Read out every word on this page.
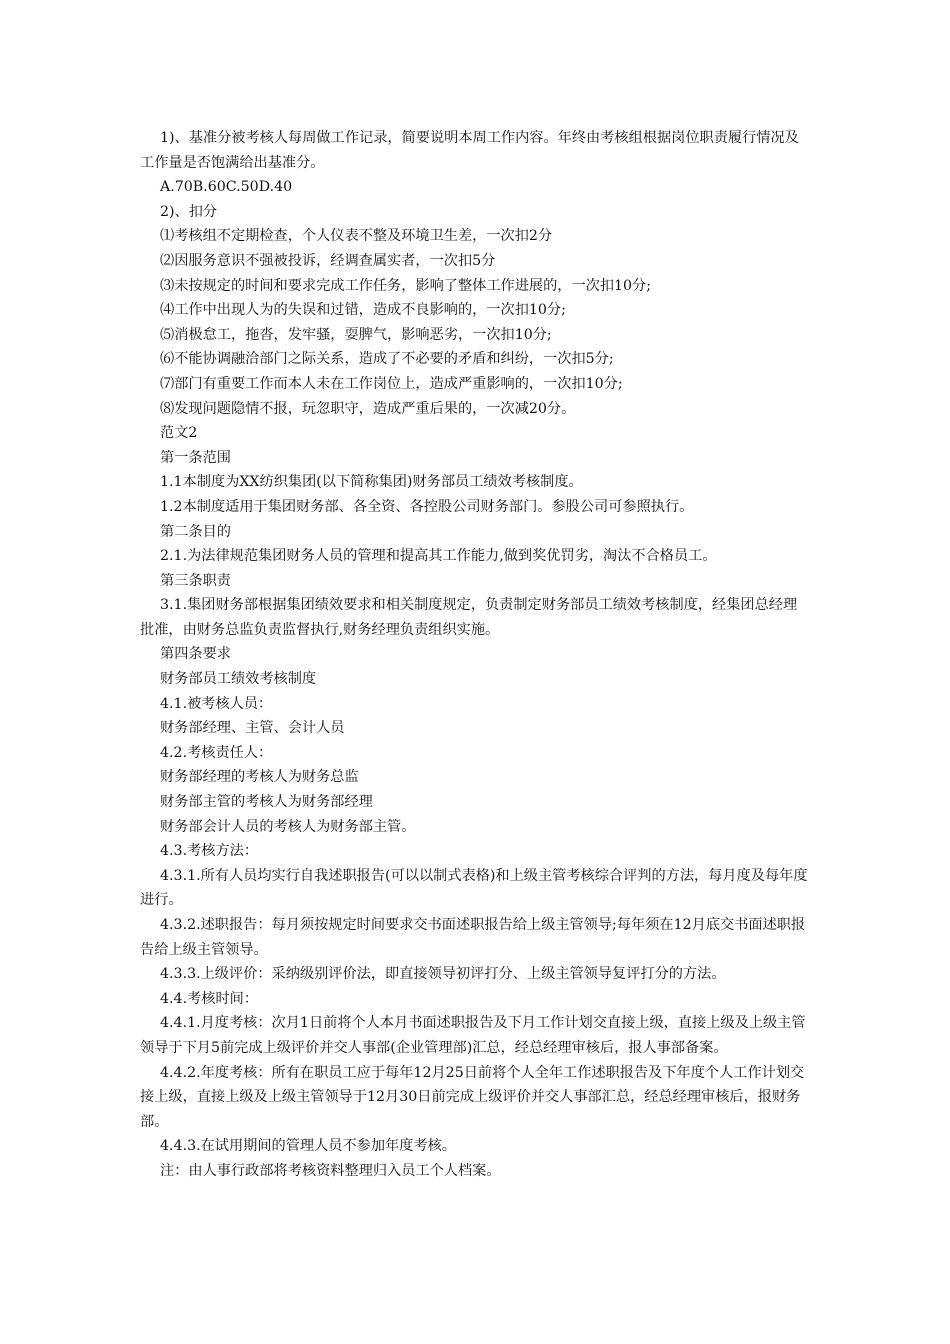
1)、基准分被考核人每周做工作记录，简要说明本周工作内容。年终由考核组根据岗位职责履行情况及工作量是否饱满给出基准分。

A.70B.60C.50D.40

2)、扣分

⑴考核组不定期检查，个人仪表不整及环境卫生差，一次扣2分

⑵因服务意识不强被投诉，经调查属实者，一次扣5分

⑶未按规定的时间和要求完成工作任务，影响了整体工作进展的，一次扣10分;

⑷工作中出现人为的失误和过错，造成不良影响的，一次扣10分;

⑸消极怠工，拖沓，发牢骚，耍脾气，影响恶劣，一次扣10分;

⑹不能协调融洽部门之际关系，造成了不必要的矛盾和纠纷，一次扣5分;

⑺部门有重要工作而本人未在工作岗位上，造成严重影响的，一次扣10分;

⑻发现问题隐情不报，玩忽职守，造成严重后果的，一次减20分。

范文2

第一条范围

1.1本制度为XX纺织集团(以下简称集团)财务部员工绩效考核制度。

1.2本制度适用于集团财务部、各全资、各控股公司财务部门。参股公司可参照执行。

第二条目的

2.1.为法律规范集团财务人员的管理和提高其工作能力,做到奖优罚劣，淘汰不合格员工。

第三条职责

3.1.集团财务部根据集团绩效要求和相关制度规定，负责制定财务部员工绩效考核制度，经集团总经理批准，由财务总监负责监督执行,财务经理负责组织实施。

第四条要求

财务部员工绩效考核制度

4.1.被考核人员：

财务部经理、主管、会计人员

4.2.考核责任人：

财务部经理的考核人为财务总监

财务部主管的考核人为财务部经理

财务部会计人员的考核人为财务部主管。

4.3.考核方法：

4.3.1.所有人员均实行自我述职报告(可以以制式表格)和上级主管考核综合评判的方法，每月度及每年度进行。

4.3.2.述职报告：每月须按规定时间要求交书面述职报告给上级主管领导;每年须在12月底交书面述职报告给上级主管领导。

4.3.3.上级评价：采纳级别评价法，即直接领导初评打分、上级主管领导复评打分的方法。

4.4.考核时间：

4.4.1.月度考核：次月1日前将个人本月书面述职报告及下月工作计划交直接上级，直接上级及上级主管领导于下月5前完成上级评价并交人事部(企业管理部)汇总，经总经理审核后，报人事部备案。

4.4.2.年度考核：所有在职员工应于每年12月25日前将个人全年工作述职报告及下年度个人工作计划交接上级，直接上级及上级主管领导于12月30日前完成上级评价并交人事部汇总，经总经理审核后，报财务部。

4.4.3.在试用期间的管理人员不参加年度考核。

注：由人事行政部将考核资料整理归入员工个人档案。
